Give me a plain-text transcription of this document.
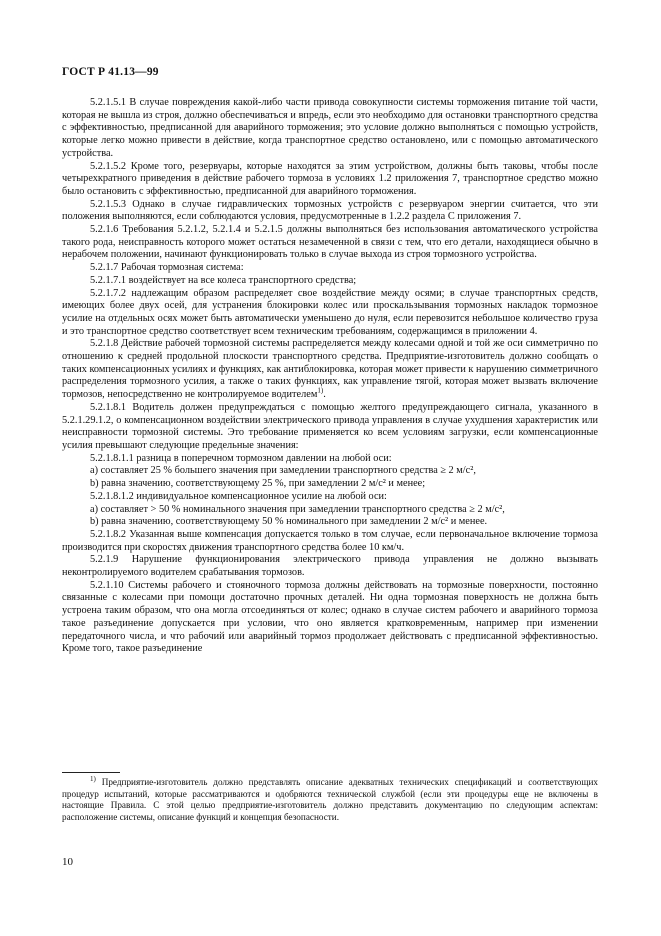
ГОСТ Р 41.13—99

5.2.1.5.1 В случае повреждения какой-либо части привода совокупности системы торможения питание той части, которая не вышла из строя, должно обеспечиваться и впредь, если это необходимо для остановки транспортного средства с эффективностью, предписанной для аварийного торможения; это условие должно выполняться с помощью устройств, которые легко можно привести в действие, когда транспортное средство остановлено, или с помощью автоматического устройства.

5.2.1.5.2 Кроме того, резервуары, которые находятся за этим устройством, должны быть таковы, чтобы после четырехкратного приведения в действие рабочего тормоза в условиях 1.2 приложения 7, транспортное средство можно было остановить с эффективностью, предписанной для аварийного торможения.

5.2.1.5.3 Однако в случае гидравлических тормозных устройств с резервуаром энергии считается, что эти положения выполняются, если соблюдаются условия, предусмотренные в 1.2.2 раздела С приложения 7.

5.2.1.6 Требования 5.2.1.2, 5.2.1.4 и 5.2.1.5 должны выполняться без использования автоматического устройства такого рода, неисправность которого может остаться незамеченной в связи с тем, что его детали, находящиеся обычно в нерабочем положении, начинают функционировать только в случае выхода из строя тормозного устройства.

5.2.1.7 Рабочая тормозная система:

5.2.1.7.1 воздействует на все колеса транспортного средства;

5.2.1.7.2 надлежащим образом распределяет свое воздействие между осями; в случае транспортных средств, имеющих более двух осей, для устранения блокировки колес или проскальзывания тормозных накладок тормозное усилие на отдельных осях может быть автоматически уменьшено до нуля, если перевозится небольшое количество груза и это транспортное средство соответствует всем техническим требованиям, содержащимся в приложении 4.

5.2.1.8 Действие рабочей тормозной системы распределяется между колесами одной и той же оси симметрично по отношению к средней продольной плоскости транспортного средства. Предприятие-изготовитель должно сообщать о таких компенсационных усилиях и функциях, как антиблокировка, которая может привести к нарушению симметричного распределения тормозного усилия, а также о таких функциях, как управление тягой, которая может вызвать включение тормозов, непосредственно не контролируемое водителем$^{1)}$.

5.2.1.8.1 Водитель должен предупреждаться с помощью желтого предупреждающего сигнала, указанного в 5.2.1.29.1.2, о компенсационном воздействии электрического привода управления в случае ухудшения характеристик или неисправности тормозной системы. Это требование применяется ко всем условиям загрузки, если компенсационные усилия превышают следующие предельные значения:

5.2.1.8.1.1 разница в поперечном тормозном давлении на любой оси:

a) составляет 25 % большего значения при замедлении транспортного средства ≥ 2 м/с²,

b) равна значению, соответствующему 25 %, при замедлении 2 м/с² и менее;

5.2.1.8.1.2 индивидуальное компенсационное усилие на любой оси:

a) составляет > 50 % номинального значения при замедлении транспортного средства ≥ 2 м/с²,

b) равна значению, соответствующему 50 % номинального при замедлении 2 м/с² и менее.

5.2.1.8.2 Указанная выше компенсация допускается только в том случае, если первоначальное включение тормоза производится при скоростях движения транспортного средства более 10 км/ч.

5.2.1.9 Нарушение функционирования электрического привода управления не должно вызывать неконтролируемого водителем срабатывания тормозов.

5.2.1.10 Системы рабочего и стояночного тормоза должны действовать на тормозные поверхности, постоянно связанные с колесами при помощи достаточно прочных деталей. Ни одна тормозная поверхность не должна быть устроена таким образом, что она могла отсоединяться от колес; однако в случае систем рабочего и аварийного тормоза такое разъединение допускается при условии, что оно является кратковременным, например при изменении передаточного числа, и что рабочий или аварийный тормоз продолжает действовать с предписанной эффективностью. Кроме того, такое разъединение

$^{1)}$ Предприятие-изготовитель должно представлять описание адекватных технических спецификаций и соответствующих процедур испытаний, которые рассматриваются и одобряются технической службой (если эти процедуры еще не включены в настоящие Правила. С этой целью предприятие-изготовитель должно представить документацию по следующим аспектам: расположение системы, описание функций и концепция безопасности.

10
